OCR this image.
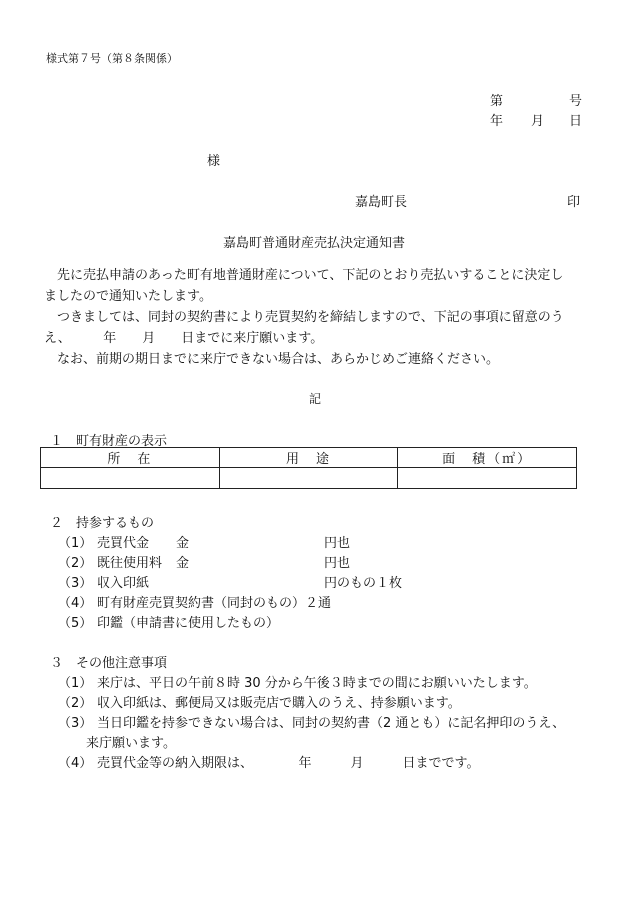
様式第７号（第８条関係）
第	号
年 月 日
様
嘉島町長	印
嘉島町普通財産売払決定通知書
先に売払申請のあった町有地普通財産について、下記のとおり売払いすることに決定し
ましたので通知いたします。
つきましては、同封の契約書により売買契約を締結しますので、下記の事項に留意のう
え、　　　年　　月　　日までに来庁願います。
なお、前期の期日までに来庁できない場合は、あらかじめご連絡ください。
記
１　町有財産の表示
所　在	用　途	面　積（㎡）

２　持参するもの
（1） 売買代金 金	円也
（2） 既往使用料 金	円也
（3） 収入印紙	円のもの１枚
（4） 町有財産売買契約書（同封のもの）２通
（5） 印鑑（申請書に使用したもの）
３　その他注意事項
（1） 来庁は、平日の午前８時 30 分から午後３時までの間にお願いいたします。
（2） 収入印紙は、郵便局又は販売店で購入のうえ、持参願います。
（3） 当日印鑑を持参できない場合は、同封の契約書（2 通とも）に記名押印のうえ、
来庁願います。
（4） 売買代金等の納入期限は、　　　　年　　　月　　　日までです。
